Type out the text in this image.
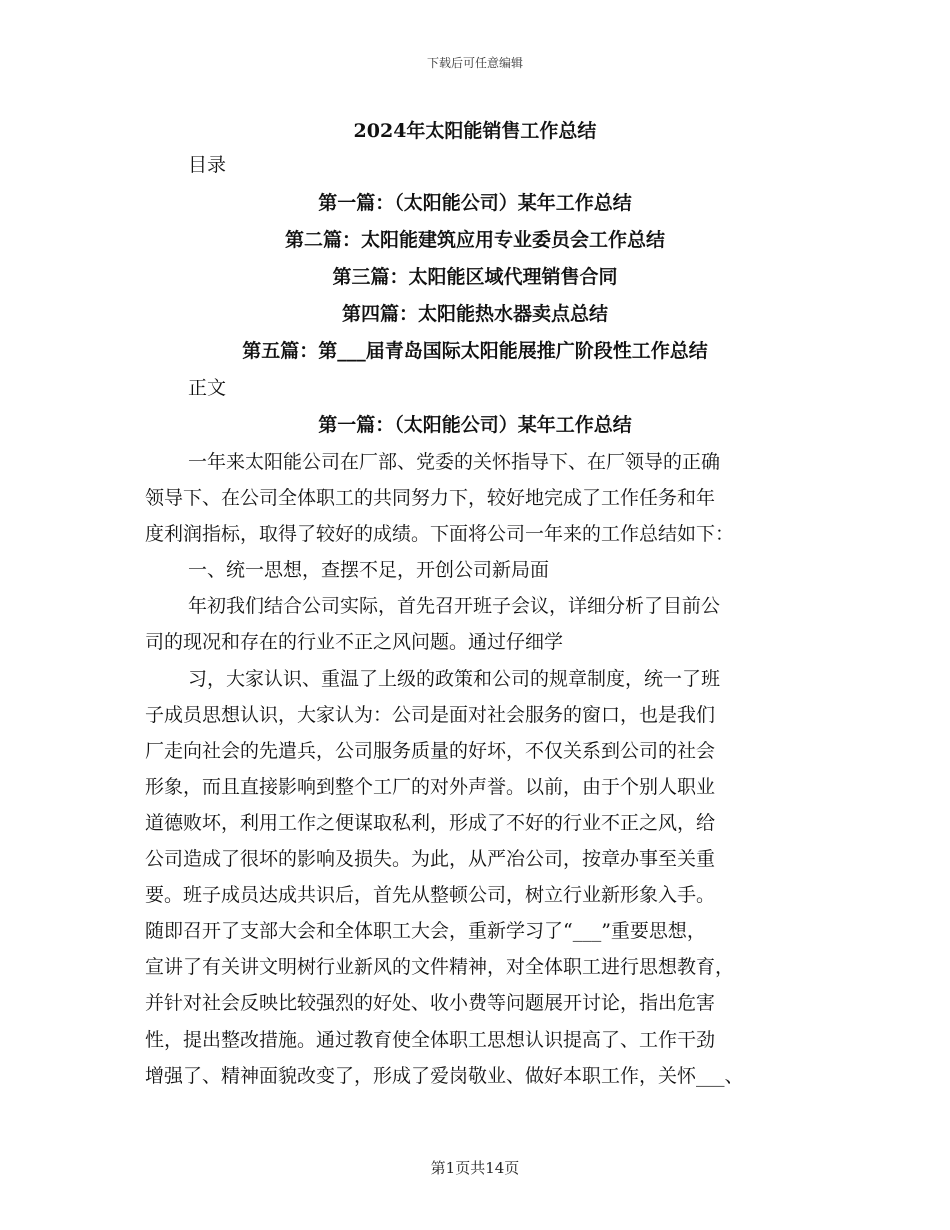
下载后可任意编辑
2024年太阳能销售工作总结
目录
第一篇：（太阳能公司）某年工作总结
第二篇：太阳能建筑应用专业委员会工作总结
第三篇：太阳能区域代理销售合同
第四篇：太阳能热水器卖点总结
第五篇：第___届青岛国际太阳能展推广阶段性工作总结
正文
第一篇：（太阳能公司）某年工作总结
一年来太阳能公司在厂部、党委的关怀指导下、在厂领导的正确
领导下、在公司全体职工的共同努力下，较好地完成了工作任务和年
度利润指标，取得了较好的成绩。下面将公司一年来的工作总结如下：
一、统一思想，查摆不足，开创公司新局面
年初我们结合公司实际，首先召开班子会议，详细分析了目前公
司的现况和存在的行业不正之风问题。通过仔细学
习，大家认识、重温了上级的政策和公司的规章制度，统一了班
子成员思想认识，大家认为：公司是面对社会服务的窗口，也是我们
厂走向社会的先遣兵，公司服务质量的好坏，不仅关系到公司的社会
形象，而且直接影响到整个工厂的对外声誉。以前，由于个别人职业
道德败坏，利用工作之便谋取私利，形成了不好的行业不正之风，给
公司造成了很坏的影响及损失。为此，从严冶公司，按章办事至关重
要。班子成员达成共识后，首先从整顿公司，树立行业新形象入手。
随即召开了支部大会和全体职工大会，重新学习了“___”重要思想，
宣讲了有关讲文明树行业新风的文件精神，对全体职工进行思想教育，
并针对社会反映比较强烈的好处、收小费等问题展开讨论，指出危害
性，提出整改措施。通过教育使全体职工思想认识提高了、工作干劲
增强了、精神面貌改变了，形成了爱岗敬业、做好本职工作，关怀___、
第1页共14页
